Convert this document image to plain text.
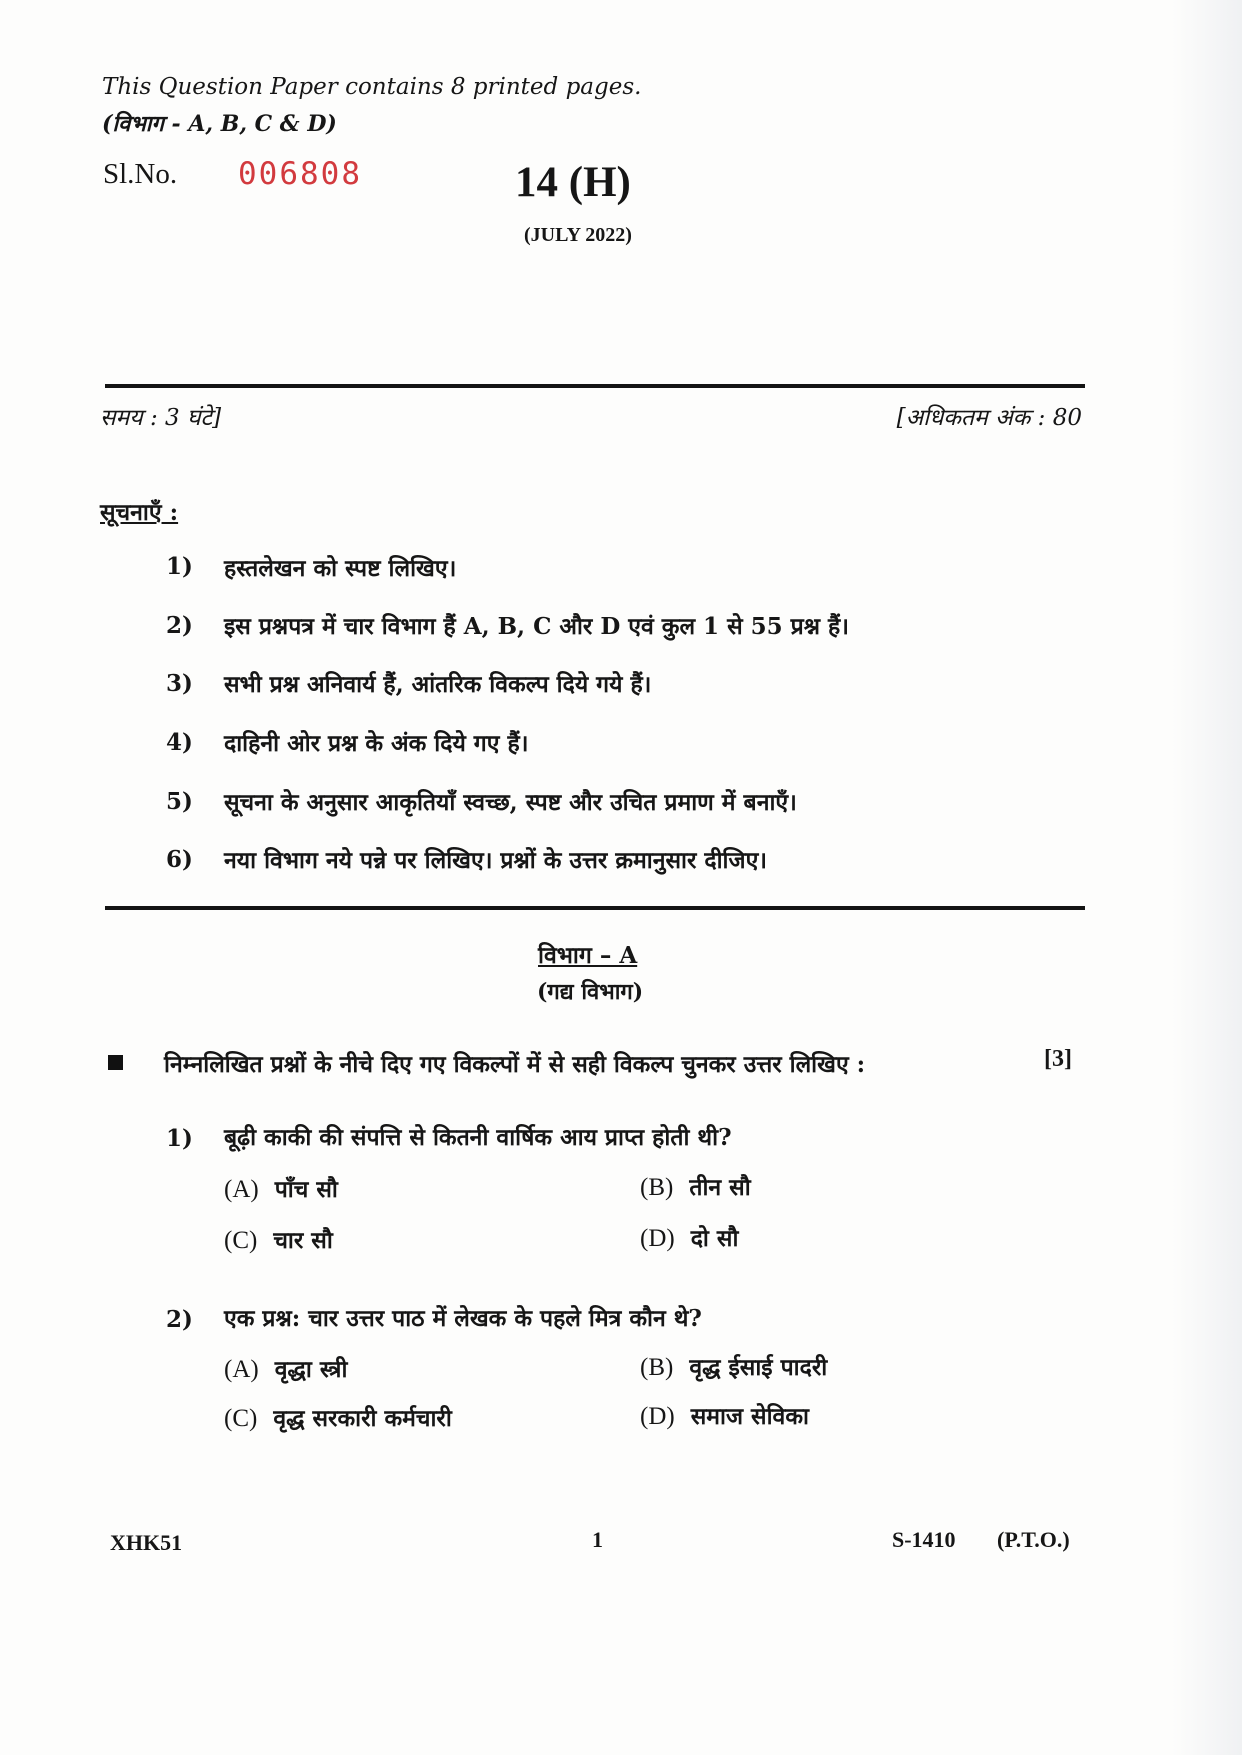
This Question Paper contains 8 printed pages.
(विभाग - A, B, C & D)
Sl.No. 006808	14 (H)
(JULY 2022)
समय : 3 घंटे]	[अधिकतम अंक : 80
सूचनाएँ :
1) हस्तलेखन को स्पष्ट लिखिए।
2) इस प्रश्नपत्र में चार विभाग हैं A, B, C और D एवं कुल 1 से 55 प्रश्न हैं।
3) सभी प्रश्न अनिवार्य हैं, आंतरिक विकल्प दिये गये हैं।
4) दाहिनी ओर प्रश्न के अंक दिये गए हैं।
5) सूचना के अनुसार आकृतियाँ स्वच्छ, स्पष्ट और उचित प्रमाण में बनाएँ।
6) नया विभाग नये पन्ने पर लिखिए। प्रश्नों के उत्तर क्रमानुसार दीजिए।
विभाग – A
(गद्य विभाग)
निम्नलिखित प्रश्नों के नीचे दिए गए विकल्पों में से सही विकल्प चुनकर उत्तर लिखिए :	[3]
1) बूढ़ी काकी की संपत्ति से कितनी वार्षिक आय प्राप्त होती थी?
(A) पाँच सौ	(B) तीन सौ
(C) चार सौ	(D) दो सौ
2) एक प्रश्न: चार उत्तर पाठ में लेखक के पहले मित्र कौन थे?
(A) वृद्धा स्त्री	(B) वृद्ध ईसाई पादरी
(C) वृद्ध सरकारी कर्मचारी	(D) समाज सेविका
XHK51	1	S-1410 (P.T.O.)
